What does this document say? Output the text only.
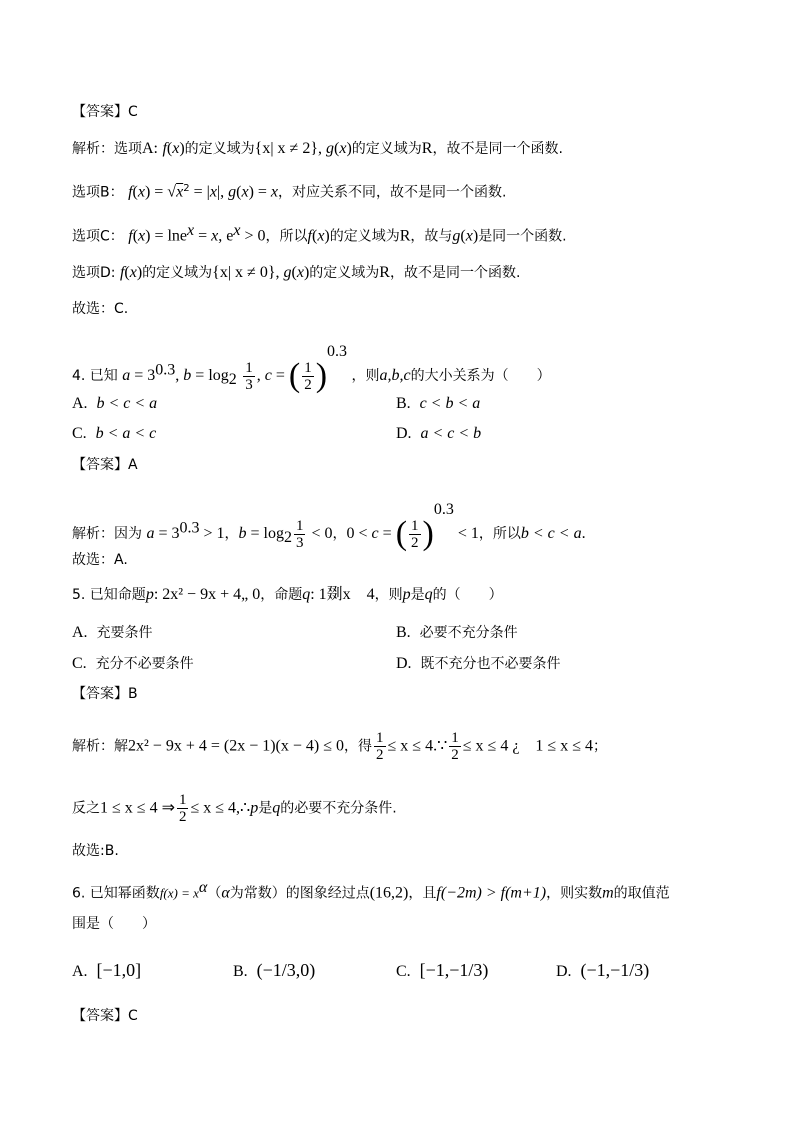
【答案】C
解析：选项A: f(x)的定义域为{x| x ≠ 2}, g(x)的定义域为R，故不是同一个函数.
选项B： $f(x) = √x^2 = |x|$, g(x) = x，对应关系不同，故不是同一个函数.
选项C： f(x) = lne$^x$ = x, $e^x > 0$，所以f(x)的定义域为R，故与g(x)是同一个函数.
选项D: f(x)的定义域为{x| x ≠ 0}, g(x)的定义域为R，故不是同一个函数.
故选：C.
4. 已知 $a = 3^{0.3}$, $b = \log_2 \frac{1}{3}$ , c = ( $\frac{1}{2} )^{0.3}$ ，则a,b,c的大小关系为（　　）
A. b < c < a	B. c < b < a
C. b < a < c	D. a < c < b
【答案】A
解析：因为 $a = 3^{0.3} > 1$，$b = \log_2 \frac{1}{3} < 0$，0 < c = ( $\frac{1}{2} )^{0.3} < 1$，所以b < c < a.
故选：A.
5. 已知命题p: 2x² − 9x + 4„ 0，命题q: 1剟x　4，则p是q的（　　）
A. 充要条件	B. 必要不充分条件
C. 充分不必要条件	D. 既不充分也不必要条件
【答案】B
解析：解2x² − 9x + 4 = (2x − 1)(x − 4) ≤ 0，得 $\frac{1}{2} \le x$ ≤ 4.∵ $\frac{1}{2} \le x \le 4$ ¿　1 ≤ x ≤ 4；
反之1 ≤ x ≤ 4 ⇒ $\frac{1}{2} \le x$ ≤ 4,∴p是q的必要不充分条件.
故选:B.
6. 已知幂函数$f(x) = x^\alpha(\alpha$为常数）的图象经过点(16,2)，且f(−2m) > f(m+1)，则实数m的取值范
围是（　　）
A. [−1,0]	B. (−1/3,0)	C. [−1,−1/3)	D. (−1,−1/3)
【答案】C
